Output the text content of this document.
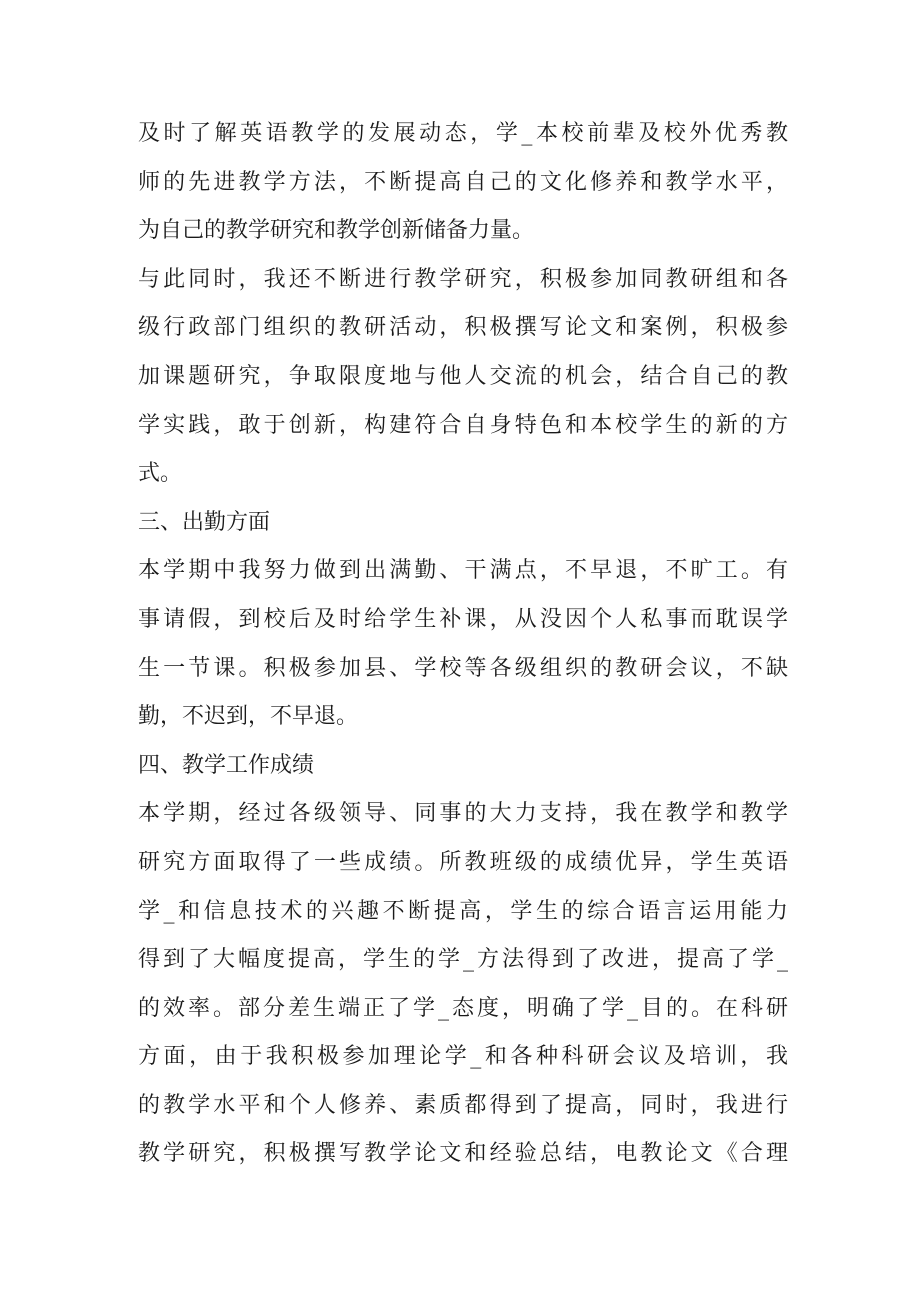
及时了解英语教学的发展动态，学_本校前辈及校外优秀教
师的先进教学方法，不断提高自己的文化修养和教学水平，
为自己的教学研究和教学创新储备力量。
与此同时，我还不断进行教学研究，积极参加同教研组和各
级行政部门组织的教研活动，积极撰写论文和案例，积极参
加课题研究，争取限度地与他人交流的机会，结合自己的教
学实践，敢于创新，构建符合自身特色和本校学生的新的方
式。
三、出勤方面
本学期中我努力做到出满勤、干满点，不早退，不旷工。有
事请假，到校后及时给学生补课，从没因个人私事而耽误学
生一节课。积极参加县、学校等各级组织的教研会议，不缺
勤，不迟到，不早退。
四、教学工作成绩
本学期，经过各级领导、同事的大力支持，我在教学和教学
研究方面取得了一些成绩。所教班级的成绩优异，学生英语
学_和信息技术的兴趣不断提高，学生的综合语言运用能力
得到了大幅度提高，学生的学_方法得到了改进，提高了学_
的效率。部分差生端正了学_态度，明确了学_目的。在科研
方面，由于我积极参加理论学_和各种科研会议及培训，我
的教学水平和个人修养、素质都得到了提高，同时，我进行
教学研究，积极撰写教学论文和经验总结，电教论文《合理
